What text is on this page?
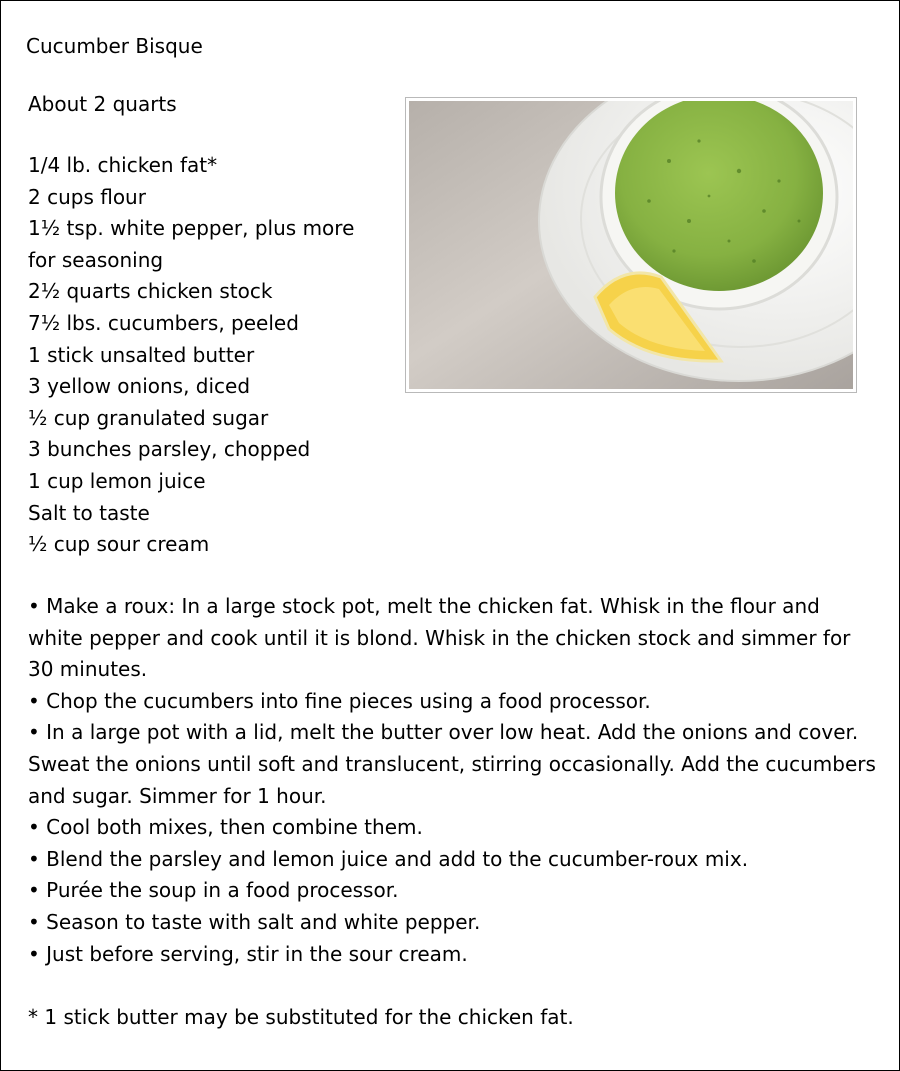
Cucumber Bisque
About 2 quarts
1/4 lb. chicken fat*
2 cups flour
1½ tsp. white pepper, plus more for seasoning
2½ quarts chicken stock
7½ lbs. cucumbers, peeled
1 stick unsalted butter
3 yellow onions, diced
½ cup granulated sugar
3 bunches parsley, chopped
1 cup lemon juice
Salt to taste
½ cup sour cream
• Make a roux: In a large stock pot, melt the chicken fat. Whisk in the flour and white pepper and cook until it is blond. Whisk in the chicken stock and simmer for 30 minutes.
• Chop the cucumbers into fine pieces using a food processor.
• In a large pot with a lid, melt the butter over low heat. Add the onions and cover. Sweat the onions until soft and translucent, stirring occasionally. Add the cucumbers and sugar. Simmer for 1 hour.
• Cool both mixes, then combine them.
• Blend the parsley and lemon juice and add to the cucumber-roux mix.
• Purée the soup in a food processor.
• Season to taste with salt and white pepper.
• Just before serving, stir in the sour cream.
* 1 stick butter may be substituted for the chicken fat.
